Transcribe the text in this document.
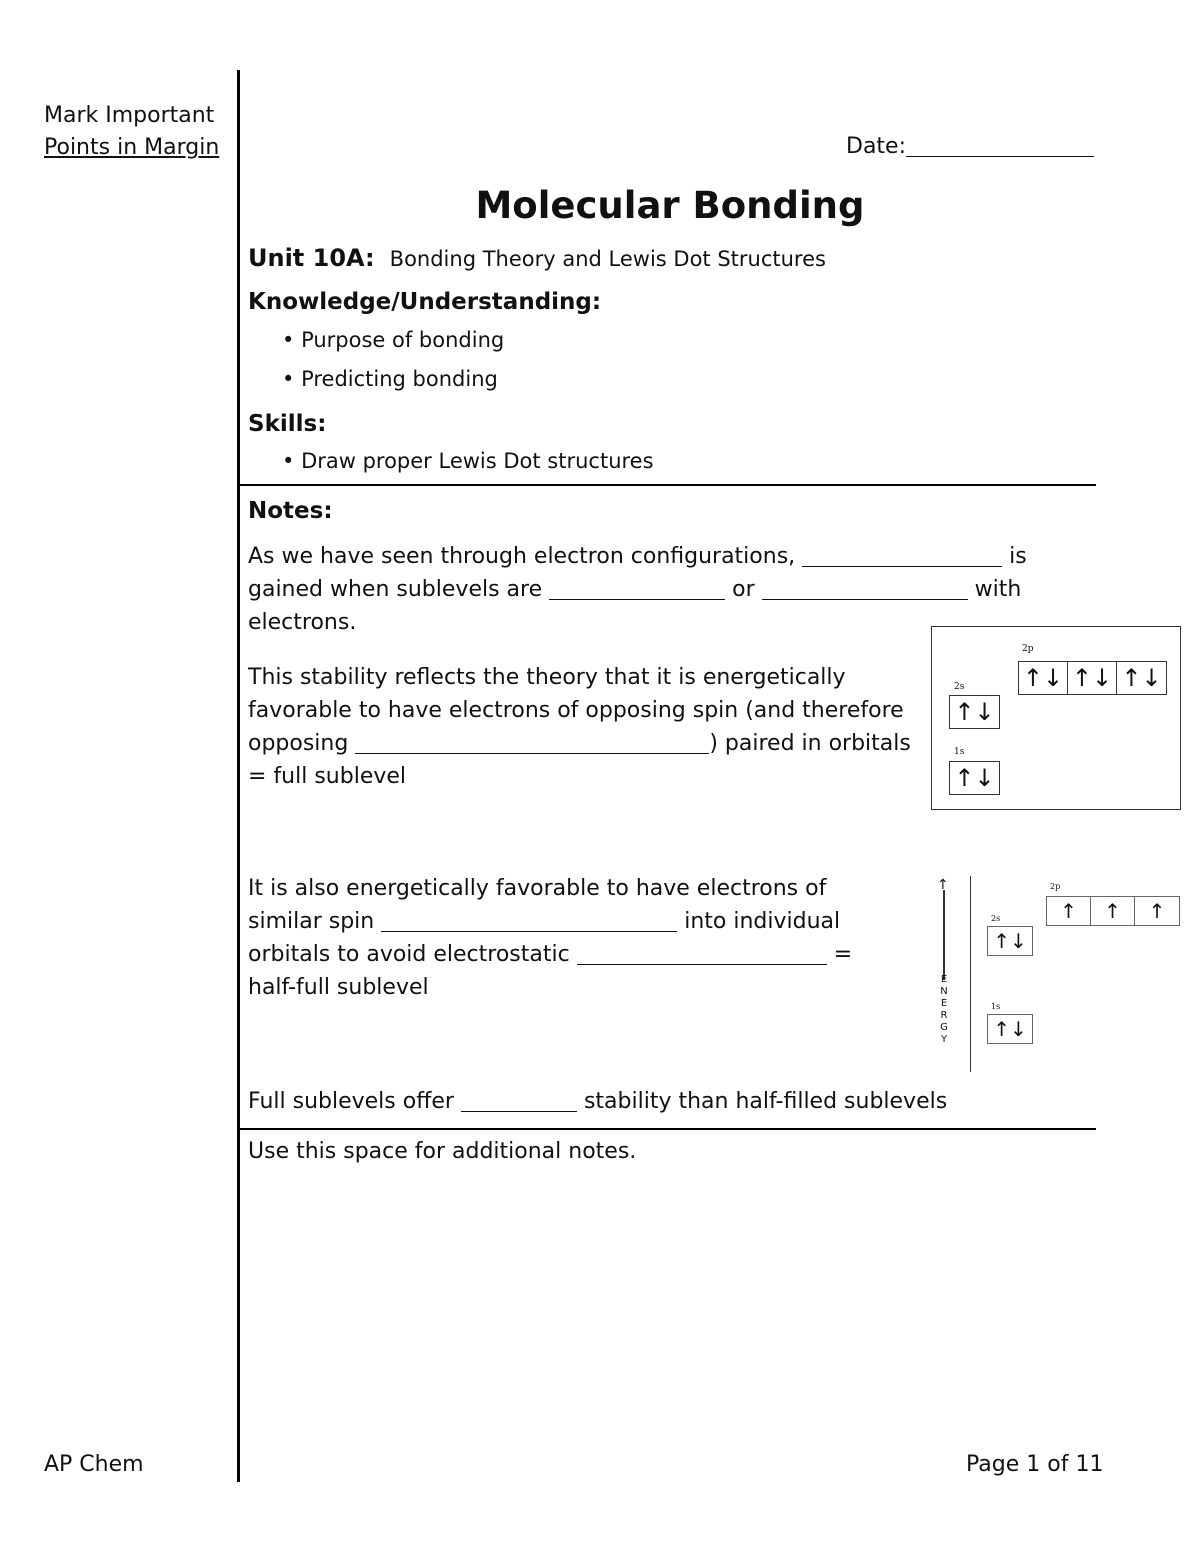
Mark Important
Points in Margin	Date:
Molecular Bonding
Unit 10A: Bonding Theory and Lewis Dot Structures
Knowledge/Understanding:
• Purpose of bonding
• Predicting bonding
Skills:
• Draw proper Lewis Dot structures
Notes:
As we have seen through electron configurations,	is
gained when sublevels are	or	with
electrons.
This stability reflects the theory that it is energetically
favorable to have electrons of opposing spin (and therefore
opposing	) paired in orbitals
= full sublevel
2p
↑↓ ↑↓ ↑↓
2s
↑↓
1s
↑↓
It is also energetically favorable to have electrons of
similar spin	into individual
orbitals to avoid electrostatic	=
half-full sublevel
↑
E
N
E
R
G
Y
2p
↑	↑	↑
2s
↑↓
1s
↑↓
Full sublevels offer	stability than half-filled sublevels
Use this space for additional notes.
AP Chem	Page 1 of 11
